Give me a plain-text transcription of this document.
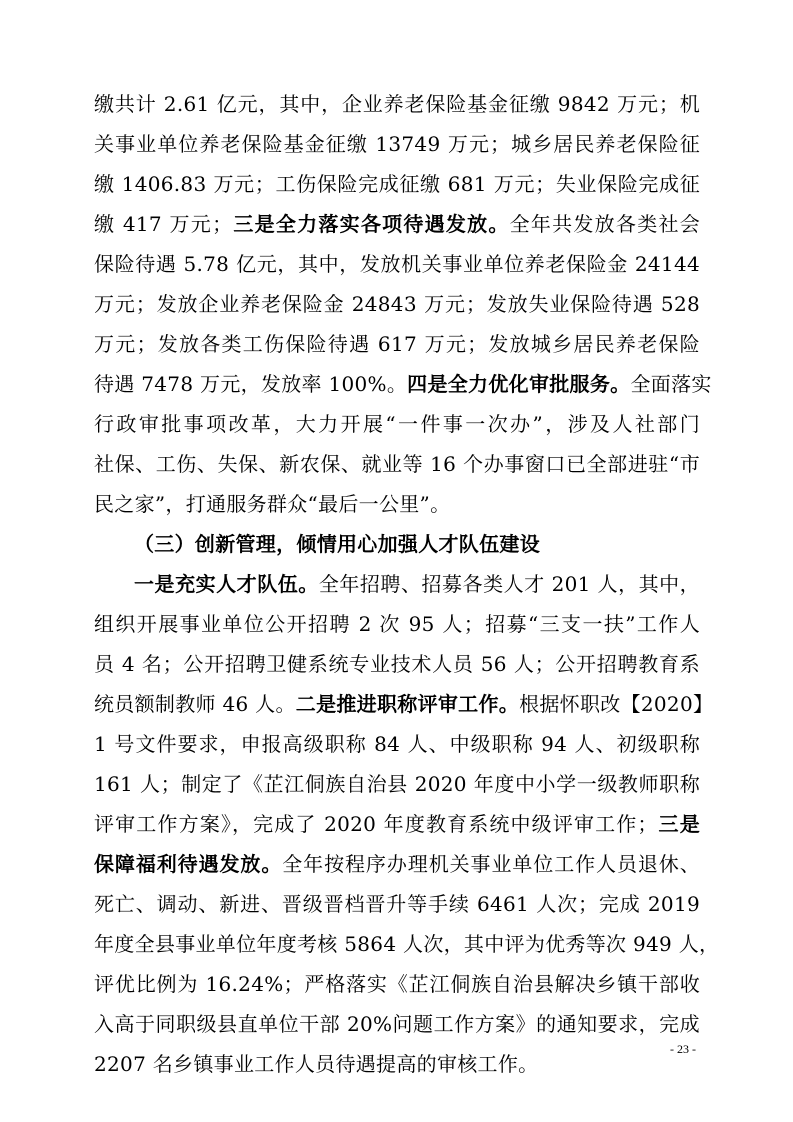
缴共计 2.61 亿元，其中，企业养老保险基金征缴 9842 万元；机
关事业单位养老保险基金征缴 13749 万元；城乡居民养老保险征
缴 1406.83 万元；工伤保险完成征缴 681 万元；失业保险完成征
缴 417 万元；三是全力落实各项待遇发放。全年共发放各类社会
保险待遇 5.78 亿元，其中，发放机关事业单位养老保险金 24144
万元；发放企业养老保险金 24843 万元；发放失业保险待遇 528
万元；发放各类工伤保险待遇 617 万元；发放城乡居民养老保险
待遇 7478 万元，发放率 100%。四是全力优化审批服务。全面落实
行政审批事项改革，大力开展“一件事一次办”，涉及人社部门
社保、工伤、失保、新农保、就业等 16 个办事窗口已全部进驻“市
民之家”，打通服务群众“最后一公里”。
（三）创新管理，倾情用心加强人才队伍建设
一是充实人才队伍。全年招聘、招募各类人才 201 人，其中，
组织开展事业单位公开招聘 2 次 95 人；招募“三支一扶”工作人
员 4 名；公开招聘卫健系统专业技术人员 56 人；公开招聘教育系
统员额制教师 46 人。二是推进职称评审工作。根据怀职改【2020】
1 号文件要求，申报高级职称 84 人、中级职称 94 人、初级职称
161 人；制定了《芷江侗族自治县 2020 年度中小学一级教师职称
评审工作方案》，完成了 2020 年度教育系统中级评审工作；三是
保障福利待遇发放。全年按程序办理机关事业单位工作人员退休、
死亡、调动、新进、晋级晋档晋升等手续 6461 人次；完成 2019
年度全县事业单位年度考核 5864 人次，其中评为优秀等次 949 人，
评优比例为 16.24%；严格落实《芷江侗族自治县解决乡镇干部收
入高于同职级县直单位干部 20%问题工作方案》的通知要求，完成
2207 名乡镇事业工作人员待遇提高的审核工作。
- 23 -
